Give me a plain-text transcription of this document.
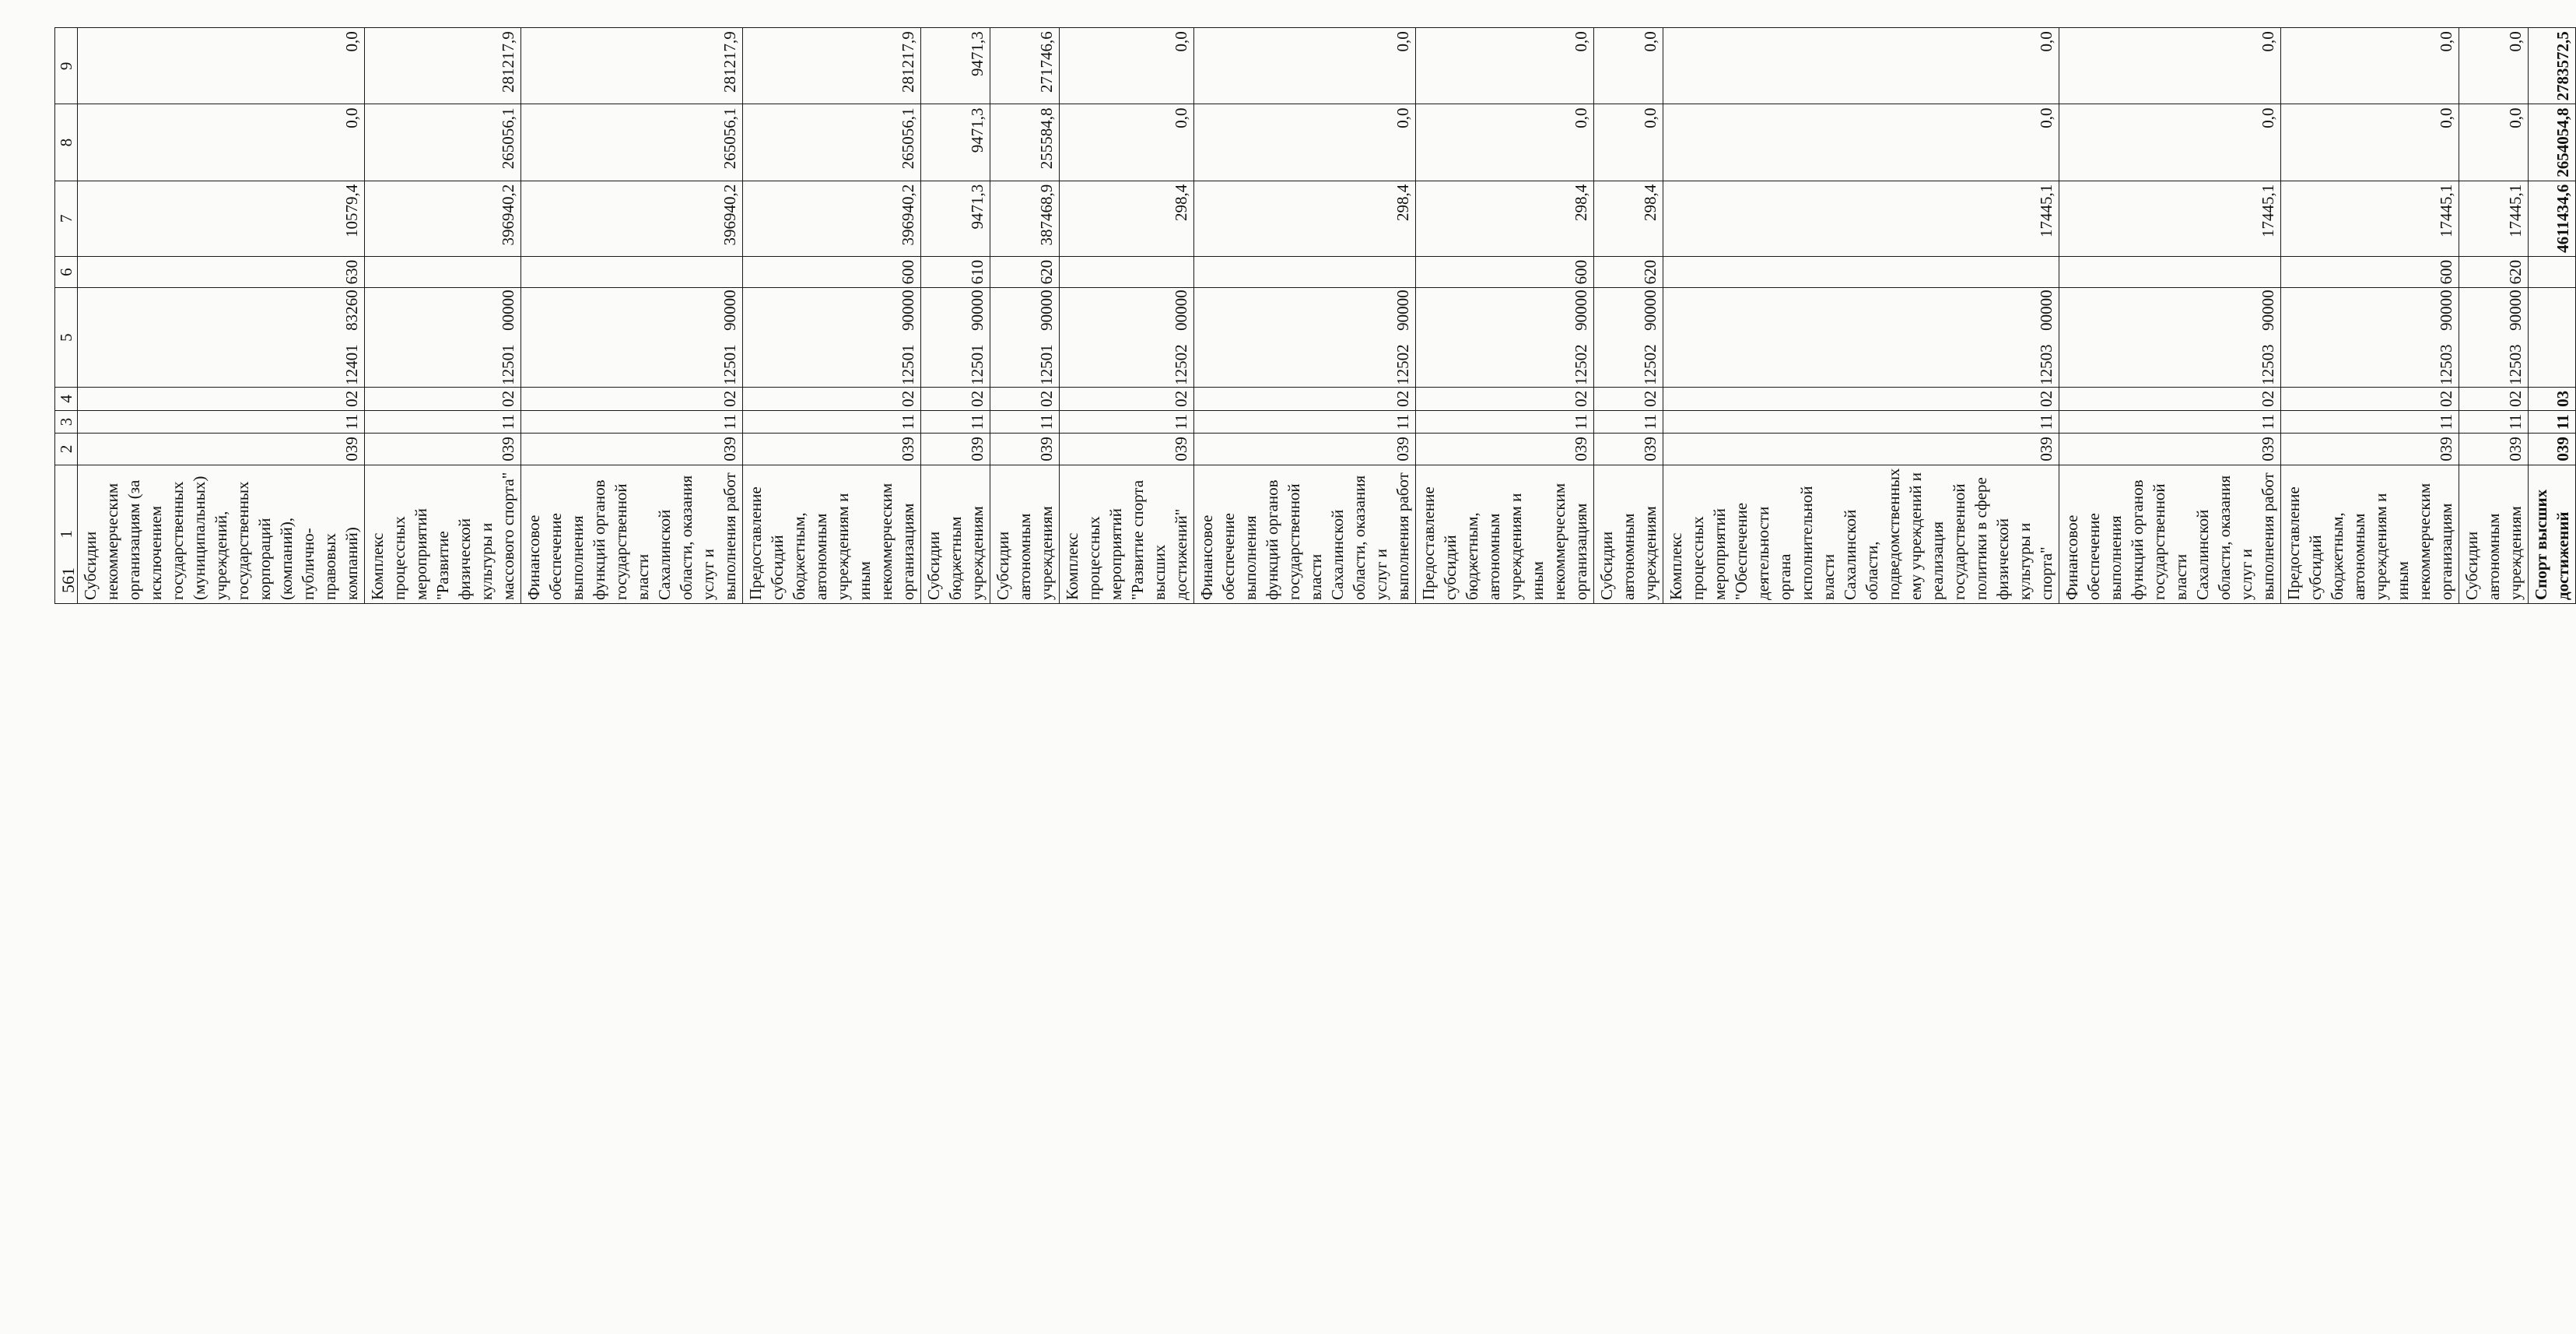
561
1	2	3	4	5	6	7	8	9
Субсидии некоммерческим организациям (за исключением государственных (муниципальных) учреждений, государственных корпораций (компаний), публично-правовых компаний)	039	11	02	1240183260	630	10579,4	0,0	0,0
Комплекс процессных мероприятий "Развитие физической культуры и массового спорта"	039	11	02	1250100000		396940,2	265056,1	281217,9
Финансовое обеспечение выполнения функций органов государственной власти Сахалинской области, оказания услуг и выполнения работ	039	11	02	1250190000		396940,2	265056,1	281217,9
Предоставление субсидий бюджетным, автономным учреждениям и иным некоммерческим организациям	039	11	02	1250190000	600	396940,2	265056,1	281217,9
Субсидии бюджетным учреждениям	039	11	02	1250190000	610	9471,3	9471,3	9471,3
Субсидии автономным учреждениям	039	11	02	1250190000	620	387468,9	255584,8	271746,6
Комплекс процессных мероприятий "Развитие спорта высших достижений"	039	11	02	1250200000		298,4	0,0	0,0
Финансовое обеспечение выполнения функций органов государственной власти Сахалинской области, оказания услуг и выполнения работ	039	11	02	1250290000		298,4	0,0	0,0
Предоставление субсидий бюджетным, автономным учреждениям и иным некоммерческим организациям	039	11	02	1250290000	600	298,4	0,0	0,0
Субсидии автономным учреждениям	039	11	02	1250290000	620	298,4	0,0	0,0
Комплекс процессных мероприятий "Обеспечение деятельности органа исполнительной власти Сахалинской области, подведомственных ему учреждений и реализация государственной политики в сфере физической культуры и спорта"	039	11	02	1250300000		17445,1	0,0	0,0
Финансовое обеспечение выполнения функций органов государственной власти Сахалинской области, оказания услуг и выполнения работ	039	11	02	1250390000		17445,1	0,0	0,0
Предоставление субсидий бюджетным, автономным учреждениям и иным некоммерческим организациям	039	11	02	1250390000	600	17445,1	0,0	0,0
Субсидии автономным учреждениям	039	11	02	1250390000	620	17445,1	0,0	0,0
Спорт высших достижений	039	11	03			4611434,6	2654054,8	2783572,5
